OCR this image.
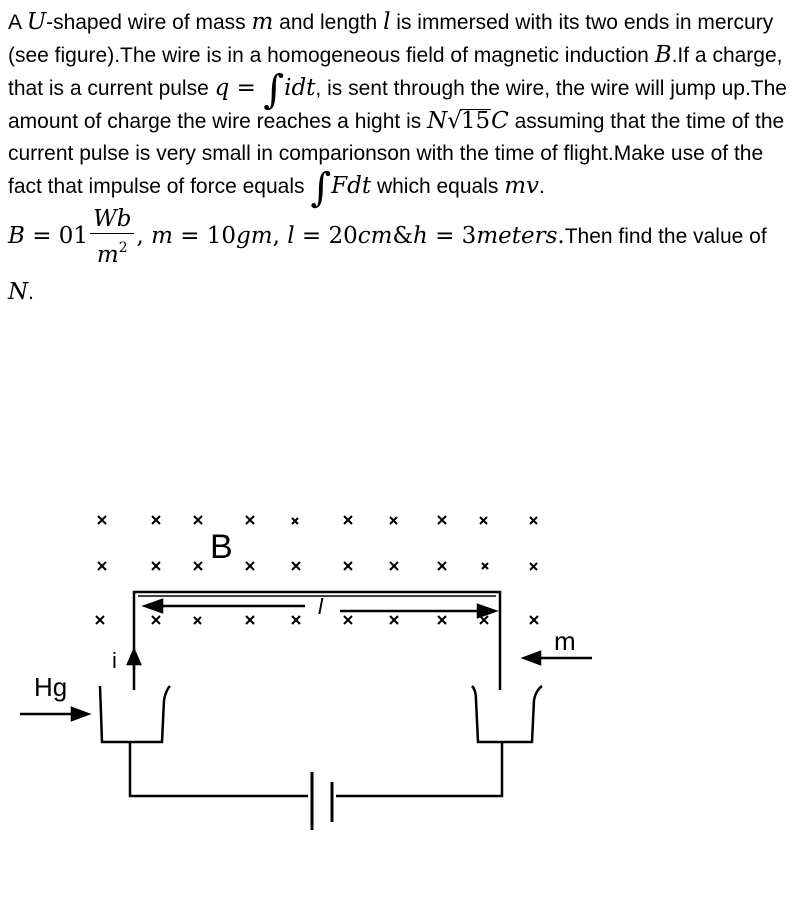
A U-shaped wire of mass m and length l is immersed with its two ends in mercury (see figure).The wire is in a homogeneous field of magnetic induction B.If a charge, that is a current pulse q = ∫idt, is sent through the wire, the wire will jump up.The amount of charge the wire reaches a hight is N√15C assuming that the time of the current pulse is very small in comparionson with the time of flight.Make use of the fact that impulse of force equals ∫Fdt which equals mv.

$B = 01 \frac{Wb}{m^2}$ , m = 10gm, l = 20cm&h = 3meters.Then find the value of N.

B
l
i
m
Hg
